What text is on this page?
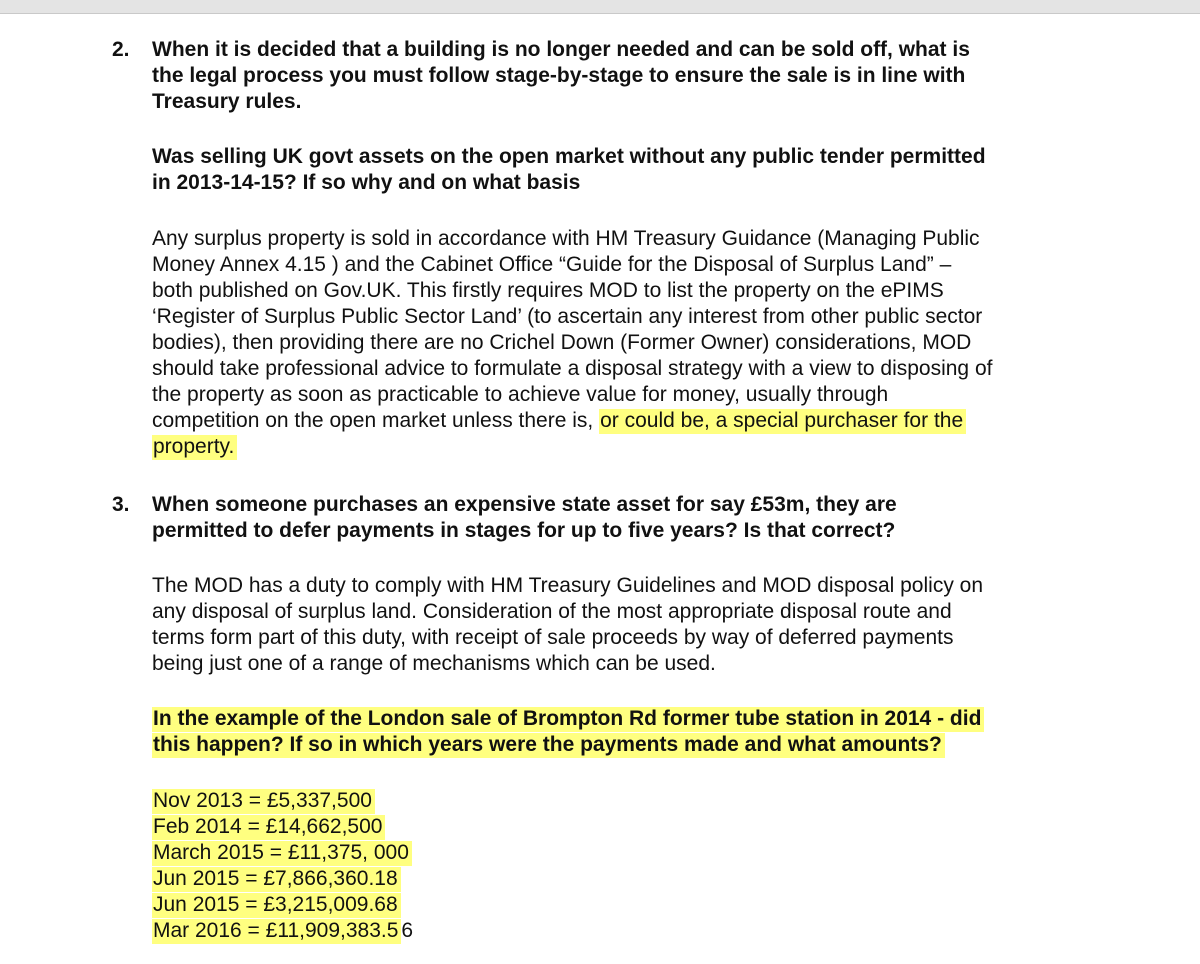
2. When it is decided that a building is no longer needed and can be sold off, what is
the legal process you must follow stage-by-stage to ensure the sale is in line with
Treasury rules.
Was selling UK govt assets on the open market without any public tender permitted
in 2013-14-15? If so why and on what basis
Any surplus property is sold in accordance with HM Treasury Guidance (Managing Public
Money Annex 4.15 ) and the Cabinet Office “Guide for the Disposal of Surplus Land” –
both published on Gov.UK. This firstly requires MOD to list the property on the ePIMS
‘Register of Surplus Public Sector Land’ (to ascertain any interest from other public sector
bodies), then providing there are no Crichel Down (Former Owner) considerations, MOD
should take professional advice to formulate a disposal strategy with a view to disposing of
the property as soon as practicable to achieve value for money, usually through
competition on the open market unless there is, or could be, a special purchaser for the
property.
3. When someone purchases an expensive state asset for say £53m, they are
permitted to defer payments in stages for up to five years? Is that correct?
The MOD has a duty to comply with HM Treasury Guidelines and MOD disposal policy on
any disposal of surplus land. Consideration of the most appropriate disposal route and
terms form part of this duty, with receipt of sale proceeds by way of deferred payments
being just one of a range of mechanisms which can be used.
In the example of the London sale of Brompton Rd former tube station in 2014 - did
this happen? If so in which years were the payments made and what amounts?
Nov 2013 = £5,337,500
Feb 2014 = £14,662,500
March 2015 = £11,375, 000
Jun 2015 = £7,866,360.18
Jun 2015 = £3,215,009.68
Mar 2016 = £11,909,383.5 6
